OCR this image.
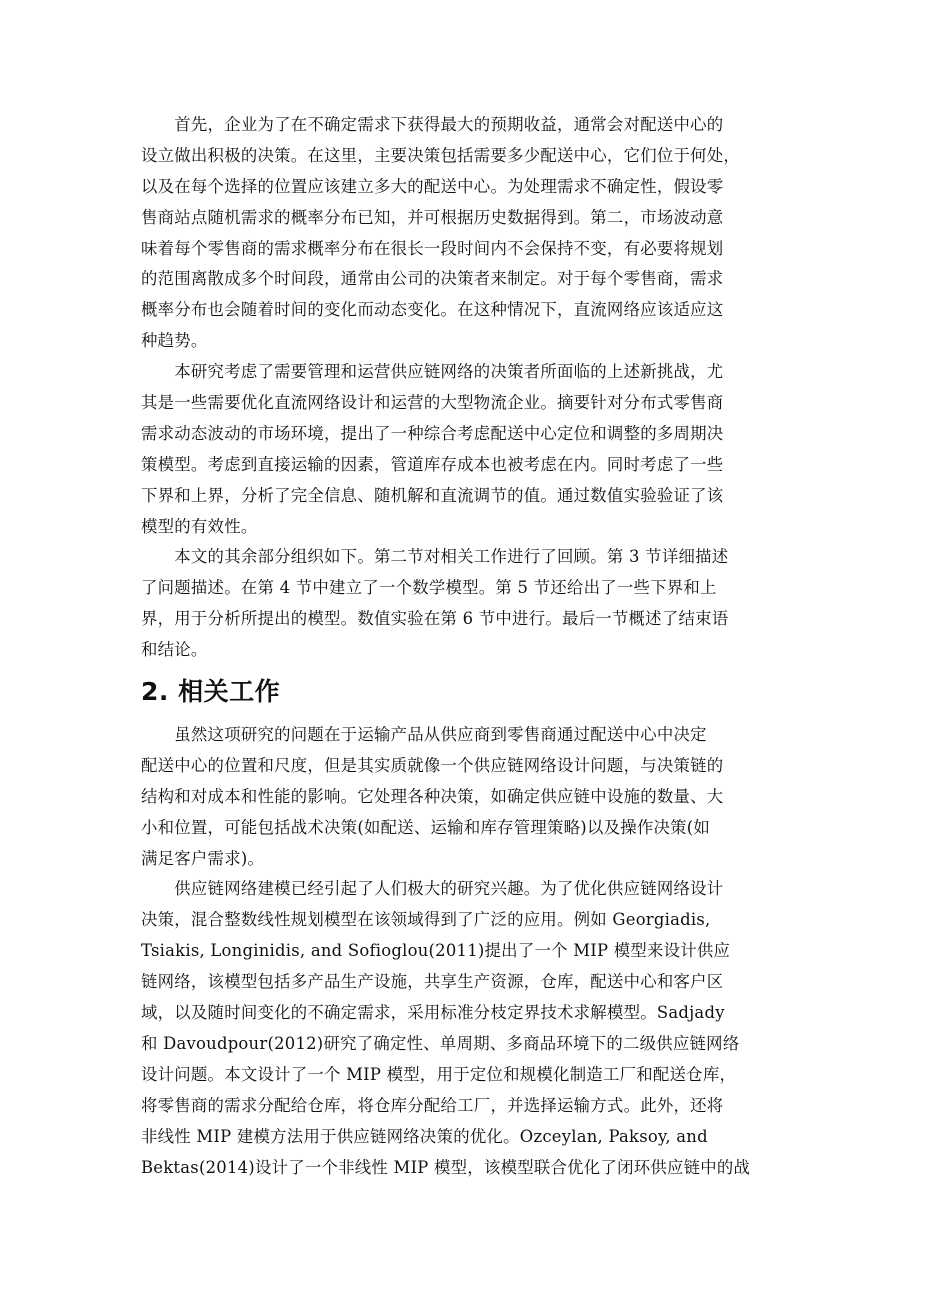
　　首先，企业为了在不确定需求下获得最大的预期收益，通常会对配送中心的
设立做出积极的决策。在这里，主要决策包括需要多少配送中心，它们位于何处，
以及在每个选择的位置应该建立多大的配送中心。为处理需求不确定性，假设零
售商站点随机需求的概率分布已知，并可根据历史数据得到。第二，市场波动意
味着每个零售商的需求概率分布在很长一段时间内不会保持不变，有必要将规划
的范围离散成多个时间段，通常由公司的决策者来制定。对于每个零售商，需求
概率分布也会随着时间的变化而动态变化。在这种情况下，直流网络应该适应这
种趋势。
　　本研究考虑了需要管理和运营供应链网络的决策者所面临的上述新挑战，尤
其是一些需要优化直流网络设计和运营的大型物流企业。摘要针对分布式零售商
需求动态波动的市场环境，提出了一种综合考虑配送中心定位和调整的多周期决
策模型。考虑到直接运输的因素，管道库存成本也被考虑在内。同时考虑了一些
下界和上界，分析了完全信息、随机解和直流调节的值。通过数值实验验证了该
模型的有效性。
　　本文的其余部分组织如下。第二节对相关工作进行了回顾。第 3 节详细描述
了问题描述。在第 4 节中建立了一个数学模型。第 5 节还给出了一些下界和上
界，用于分析所提出的模型。数值实验在第 6 节中进行。最后一节概述了结束语
和结论。
2. 相关工作
　　虽然这项研究的问题在于运输产品从供应商到零售商通过配送中心中决定
配送中心的位置和尺度，但是其实质就像一个供应链网络设计问题，与决策链的
结构和对成本和性能的影响。它处理各种决策，如确定供应链中设施的数量、大
小和位置，可能包括战术决策(如配送、运输和库存管理策略)以及操作决策(如
满足客户需求)。
　　供应链网络建模已经引起了人们极大的研究兴趣。为了优化供应链网络设计
决策，混合整数线性规划模型在该领域得到了广泛的应用。例如 Georgiadis,
Tsiakis, Longinidis, and Sofioglou(2011)提出了一个 MIP 模型来设计供应
链网络，该模型包括多产品生产设施，共享生产资源，仓库，配送中心和客户区
域，以及随时间变化的不确定需求，采用标准分枝定界技术求解模型。Sadjady
和 Davoudpour(2012)研究了确定性、单周期、多商品环境下的二级供应链网络
设计问题。本文设计了一个 MIP 模型，用于定位和规模化制造工厂和配送仓库，
将零售商的需求分配给仓库，将仓库分配给工厂，并选择运输方式。此外，还将
非线性 MIP 建模方法用于供应链网络决策的优化。Ozceylan, Paksoy, and
Bektas(2014)设计了一个非线性 MIP 模型，该模型联合优化了闭环供应链中的战
